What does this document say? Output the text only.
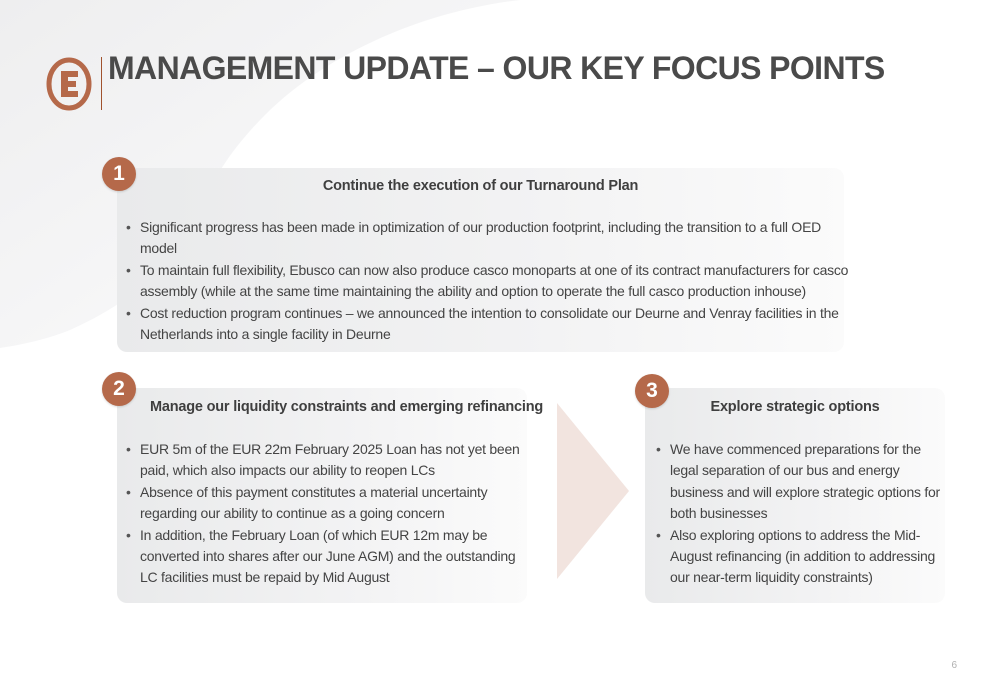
MANAGEMENT UPDATE – OUR KEY FOCUS POINTS
1
Continue the execution of our Turnaround Plan
• Significant progress has been made in optimization of our production footprint, including the transition to a full OED model
• To maintain full flexibility, Ebusco can now also produce casco monoparts at one of its contract manufacturers for casco assembly (while at the same time maintaining the ability and option to operate the full casco production inhouse)
• Cost reduction program continues – we announced the intention to consolidate our Deurne and Venray facilities in the Netherlands into a single facility in Deurne
2
Manage our liquidity constraints and emerging refinancing
• EUR 5m of the EUR 22m February 2025 Loan has not yet been paid, which also impacts our ability to reopen LCs
• Absence of this payment constitutes a material uncertainty regarding our ability to continue as a going concern
• In addition, the February Loan (of which EUR 12m may be converted into shares after our June AGM) and the outstanding LC facilities must be repaid by Mid August
3
Explore strategic options
• We have commenced preparations for the legal separation of our bus and energy business and will explore strategic options for both businesses
• Also exploring options to address the Mid-August refinancing (in addition to addressing our near-term liquidity constraints)
6
